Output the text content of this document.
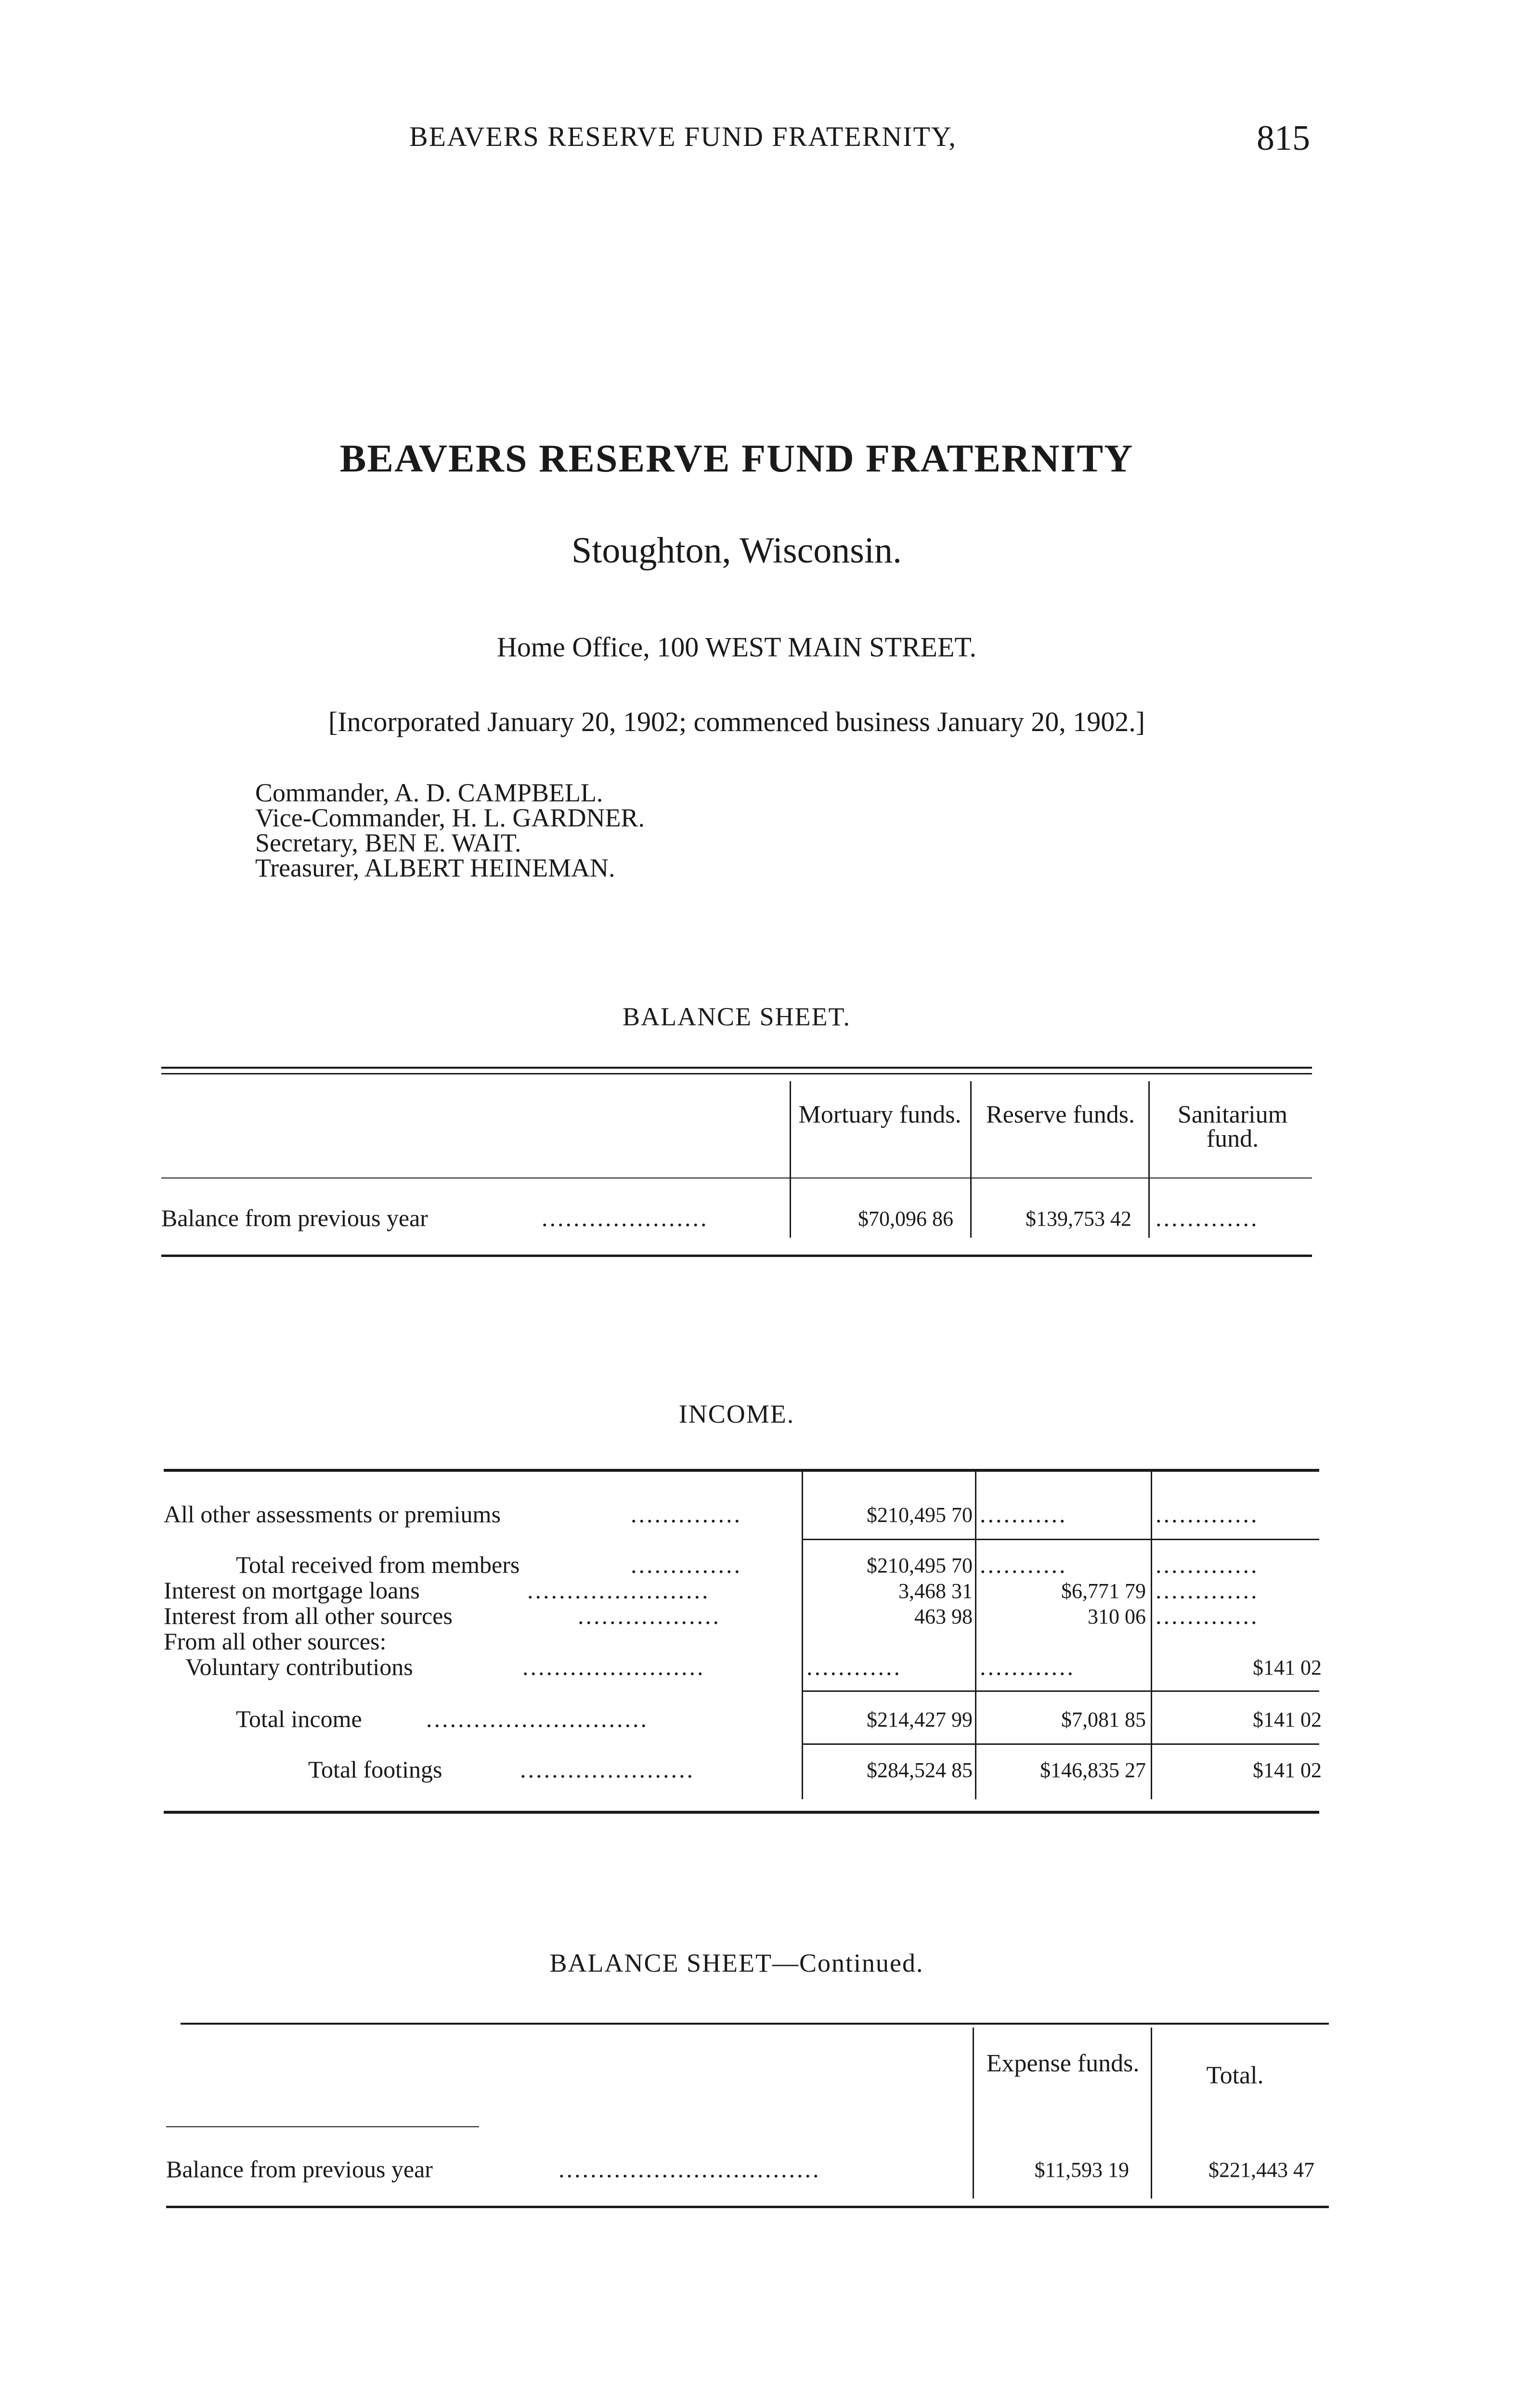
BEAVERS RESERVE FUND FRATERNITY,	815
BEAVERS RESERVE FUND FRATERNITY
Stoughton, Wisconsin.
Home Office, 100 WEST MAIN STREET.
[Incorporated January 20, 1902; commenced business January 20, 1902.]
Commander, A. D. CAMPBELL.
Vice-Commander, H. L. GARDNER.
Secretary, BEN E. WAIT.
Treasurer, ALBERT HEINEMAN.
BALANCE SHEET.
Mortuary funds. Reserve funds.	Sanitarium fund.
Balance from previous year	.....................	$70,096 86	$139,753 42 .............
INCOME.
All other assessments or premiums	..............	$210,495 70 ...........	.............
Total received from members	..............	$210,495 70 ...........	.............
Interest on mortgage loans	.......................	3,468 31	$6,771 79 .............
Interest from all other sources	..................	463 98	310 06 .............
From all other sources:
Voluntary contributions	.......................	............	............	$141 02
Total income	............................	$214,427 99	$7,081 85	$141 02
Total footings	......................	$284,524 85	$146,835 27	$141 02
BALANCE SHEET—Continued.
Expense funds.	Total.
Balance from previous year	.................................	$11,593 19	$221,443 47
